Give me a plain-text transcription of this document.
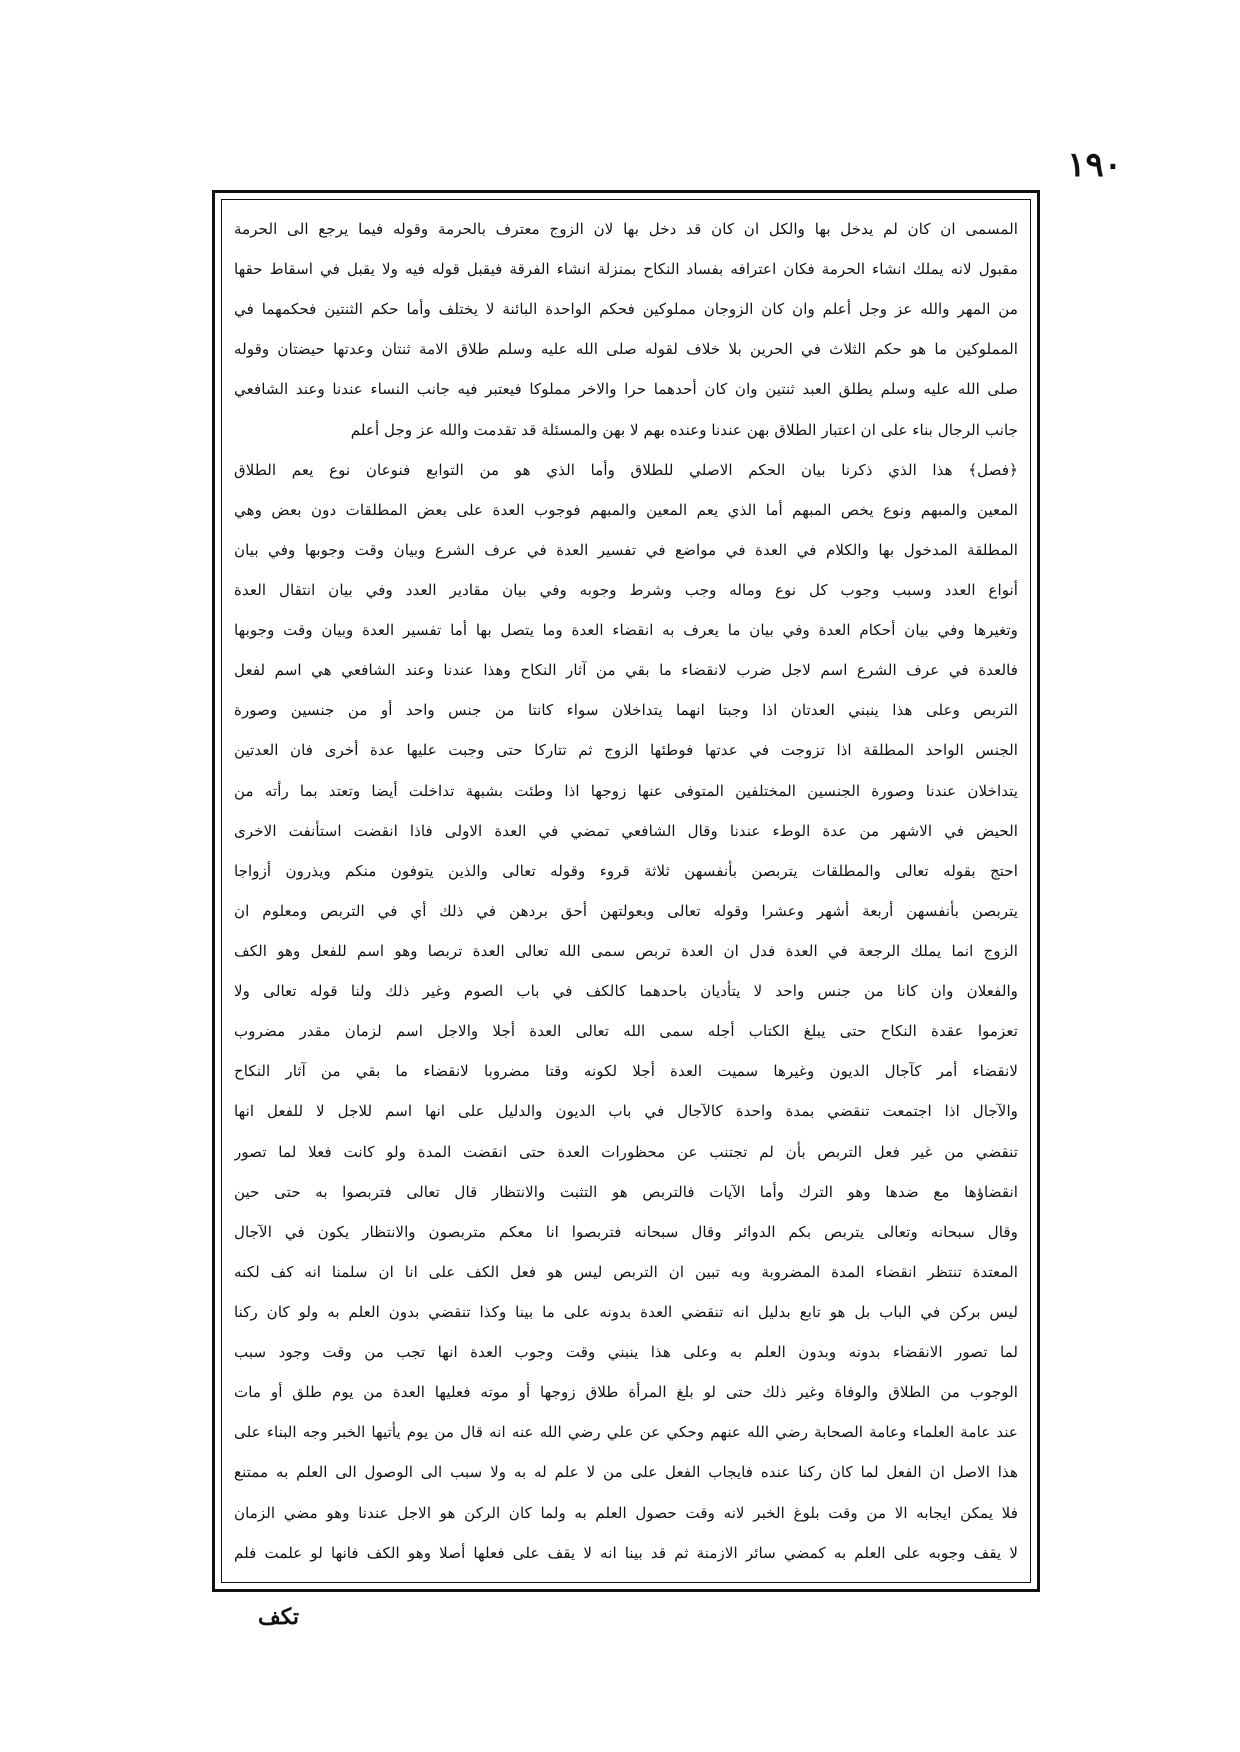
١٩٠
المسمى ان كان لم يدخل بها والكل ان كان قد دخل بها لان الزوج معترف بالحرمة وقوله فيما يرجع الى الحرمة
مقبول لانه يملك انشاء الحرمة فكان اعترافه بفساد النكاح بمنزلة انشاء الفرقة فيقبل قوله فيه ولا يقبل في اسقاط حقها
من المهر والله عز وجل أعلم وان كان الزوجان مملوكين فحكم الواحدة البائنة لا يختلف وأما حكم الثنتين فحكمهما في
المملوكين ما هو حكم الثلاث في الحرين بلا خلاف لقوله صلى الله عليه وسلم طلاق الامة ثنتان وعدتها حيضتان وقوله
صلى الله عليه وسلم يطلق العبد ثنتين وان كان أحدهما حرا والاخر مملوكا فيعتبر فيه جانب النساء عندنا وعند الشافعي
جانب الرجال بناء على ان اعتبار الطلاق بهن عندنا وعنده بهم لا بهن والمسئلة قد تقدمت والله عز وجل أعلم
﴿فصل﴾ هذا الذي ذكرنا بيان الحكم الاصلي للطلاق وأما الذي هو من التوابع فنوعان نوع يعم الطلاق
المعين والمبهم ونوع يخص المبهم أما الذي يعم المعين والمبهم فوجوب العدة على بعض المطلقات دون بعض وهي
المطلقة المدخول بها والكلام في العدة في مواضع في تفسير العدة في عرف الشرع وبيان وقت وجوبها وفي بيان
أنواع العدد وسبب وجوب كل نوع وماله وجب وشرط وجوبه وفي بيان مقادير العدد وفي بيان انتقال العدة
وتغيرها وفي بيان أحكام العدة وفي بيان ما يعرف به انقضاء العدة وما يتصل بها أما تفسير العدة وبيان وقت وجوبها
فالعدة في عرف الشرع اسم لاجل ضرب لانقضاء ما بقي من آثار النكاح وهذا عندنا وعند الشافعي هي اسم لفعل
التربص وعلى هذا ينبني العدتان اذا وجبتا انهما يتداخلان سواء كانتا من جنس واحد أو من جنسين وصورة
الجنس الواحد المطلقة اذا تزوجت في عدتها فوطئها الزوج ثم تتاركا حتى وجبت عليها عدة أخرى فان العدتين
يتداخلان عندنا وصورة الجنسين المختلفين المتوفى عنها زوجها اذا وطئت بشبهة تداخلت أيضا وتعتد بما رأته من
الحيض في الاشهر من عدة الوطء عندنا وقال الشافعي تمضي في العدة الاولى فاذا انقضت استأنفت الاخرى
احتج بقوله تعالى والمطلقات يتربصن بأنفسهن ثلاثة قروء وقوله تعالى والذين يتوفون منكم ويذرون أزواجا
يتربصن بأنفسهن أربعة أشهر وعشرا وقوله تعالى وبعولتهن أحق بردهن في ذلك أي في التربص ومعلوم ان
الزوج انما يملك الرجعة في العدة فدل ان العدة تربص سمى الله تعالى العدة تربصا وهو اسم للفعل وهو الكف
والفعلان وان كانا من جنس واحد لا يتأديان باحدهما كالكف في باب الصوم وغير ذلك ولنا قوله تعالى ولا
تعزموا عقدة النكاح حتى يبلغ الكتاب أجله سمى الله تعالى العدة أجلا والاجل اسم لزمان مقدر مضروب
لانقضاء أمر كآجال الديون وغيرها سميت العدة أجلا لكونه وقتا مضروبا لانقضاء ما بقي من آثار النكاح
والآجال اذا اجتمعت تنقضي بمدة واحدة كالآجال في باب الديون والدليل على انها اسم للاجل لا للفعل انها
تنقضي من غير فعل التربص بأن لم تجتنب عن محظورات العدة حتى انقضت المدة ولو كانت فعلا لما تصور
انقضاؤها مع ضدها وهو الترك وأما الآيات فالتربص هو التثبت والانتظار قال تعالى فتربصوا به حتى حين
وقال سبحانه وتعالى يتربص بكم الدوائر وقال سبحانه فتربصوا انا معكم متربصون والانتظار يكون في الآجال
المعتدة تنتظر انقضاء المدة المضروبة وبه تبين ان التربص ليس هو فعل الكف على انا ان سلمنا انه كف لكنه
ليس بركن في الباب بل هو تابع بدليل انه تنقضي العدة بدونه على ما بينا وكذا تنقضي بدون العلم به ولو كان ركنا
لما تصور الانقضاء بدونه وبدون العلم به وعلى هذا ينبني وقت وجوب العدة انها تجب من وقت وجود سبب
الوجوب من الطلاق والوفاة وغير ذلك حتى لو بلغ المرأة طلاق زوجها أو موته فعليها العدة من يوم طلق أو مات
عند عامة العلماء وعامة الصحابة رضي الله عنهم وحكي عن علي رضي الله عنه انه قال من يوم يأتيها الخبر وجه البناء على
هذا الاصل ان الفعل لما كان ركنا عنده فايجاب الفعل على من لا علم له به ولا سبب الى الوصول الى العلم به ممتنع
فلا يمكن ايجابه الا من وقت بلوغ الخبر لانه وقت حصول العلم به ولما كان الركن هو الاجل عندنا وهو مضي الزمان
لا يقف وجوبه على العلم به كمضي سائر الازمنة ثم قد بينا انه لا يقف على فعلها أصلا وهو الكف فانها لو علمت فلم
تكف
